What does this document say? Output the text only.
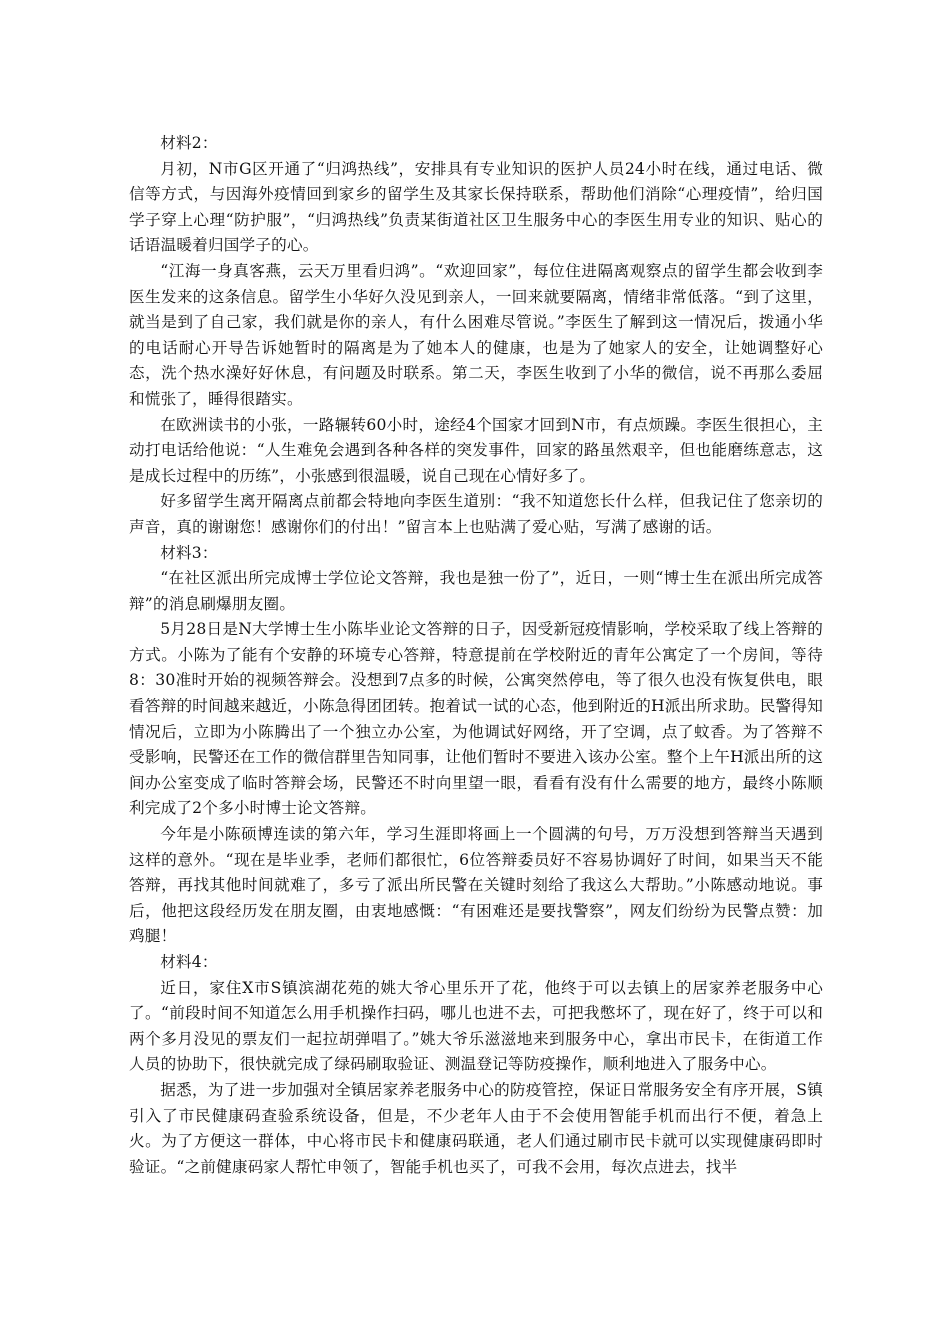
材料2：

月初，N市G区开通了“归鸿热线”，安排具有专业知识的医护人员24小时在线，通过电话、微信等方式，与因海外疫情回到家乡的留学生及其家长保持联系，帮助他们消除“心理疫情”，给归国学子穿上心理“防护服”，“归鸿热线”负责某街道社区卫生服务中心的李医生用专业的知识、贴心的话语温暖着归国学子的心。

“江海一身真客燕，云天万里看归鸿”。“欢迎回家”，每位住进隔离观察点的留学生都会收到李医生发来的这条信息。留学生小华好久没见到亲人，一回来就要隔离，情绪非常低落。“到了这里，就当是到了自己家，我们就是你的亲人，有什么困难尽管说。”李医生了解到这一情况后，拨通小华的电话耐心开导告诉她暂时的隔离是为了她本人的健康，也是为了她家人的安全，让她调整好心态，洗个热水澡好好休息，有问题及时联系。第二天，李医生收到了小华的微信，说不再那么委屈和慌张了，睡得很踏实。

在欧洲读书的小张，一路辗转60小时，途经4个国家才回到N市，有点烦躁。李医生很担心，主动打电话给他说：“人生难免会遇到各种各样的突发事件，回家的路虽然艰辛，但也能磨练意志，这是成长过程中的历练”，小张感到很温暖，说自己现在心情好多了。

好多留学生离开隔离点前都会特地向李医生道别：“我不知道您长什么样，但我记住了您亲切的声音，真的谢谢您！感谢你们的付出！”留言本上也贴满了爱心贴，写满了感谢的话。

材料3：

“在社区派出所完成博士学位论文答辩，我也是独一份了”，近日，一则“博士生在派出所完成答辩”的消息刷爆朋友圈。

5月28日是N大学博士生小陈毕业论文答辩的日子，因受新冠疫情影响，学校采取了线上答辩的方式。小陈为了能有个安静的环境专心答辩，特意提前在学校附近的青年公寓定了一个房间，等待8：30准时开始的视频答辩会。没想到7点多的时候，公寓突然停电，等了很久也没有恢复供电，眼看答辩的时间越来越近，小陈急得团团转。抱着试一试的心态，他到附近的H派出所求助。民警得知情况后，立即为小陈腾出了一个独立办公室，为他调试好网络，开了空调，点了蚊香。为了答辩不受影响，民警还在工作的微信群里告知同事，让他们暂时不要进入该办公室。整个上午H派出所的这间办公室变成了临时答辩会场，民警还不时向里望一眼，看看有没有什么需要的地方，最终小陈顺利完成了2个多小时博士论文答辩。

今年是小陈硕博连读的第六年，学习生涯即将画上一个圆满的句号，万万没想到答辩当天遇到这样的意外。“现在是毕业季，老师们都很忙，6位答辩委员好不容易协调好了时间，如果当天不能答辩，再找其他时间就难了，多亏了派出所民警在关键时刻给了我这么大帮助。”小陈感动地说。事后，他把这段经历发在朋友圈，由衷地感慨：“有困难还是要找警察”，网友们纷纷为民警点赞：加鸡腿！

材料4：

近日，家住X市S镇滨湖花苑的姚大爷心里乐开了花，他终于可以去镇上的居家养老服务中心了。“前段时间不知道怎么用手机操作扫码，哪儿也进不去，可把我憋坏了，现在好了，终于可以和两个多月没见的票友们一起拉胡弹唱了。”姚大爷乐滋滋地来到服务中心，拿出市民卡，在街道工作人员的协助下，很快就完成了绿码刷取验证、测温登记等防疫操作，顺利地进入了服务中心。

据悉，为了进一步加强对全镇居家养老服务中心的防疫管控，保证日常服务安全有序开展，S镇引入了市民健康码查验系统设备，但是，不少老年人由于不会使用智能手机而出行不便，着急上火。为了方便这一群体，中心将市民卡和健康码联通，老人们通过刷市民卡就可以实现健康码即时验证。“之前健康码家人帮忙申领了，智能手机也买了，可我不会用，每次点进去，找半
